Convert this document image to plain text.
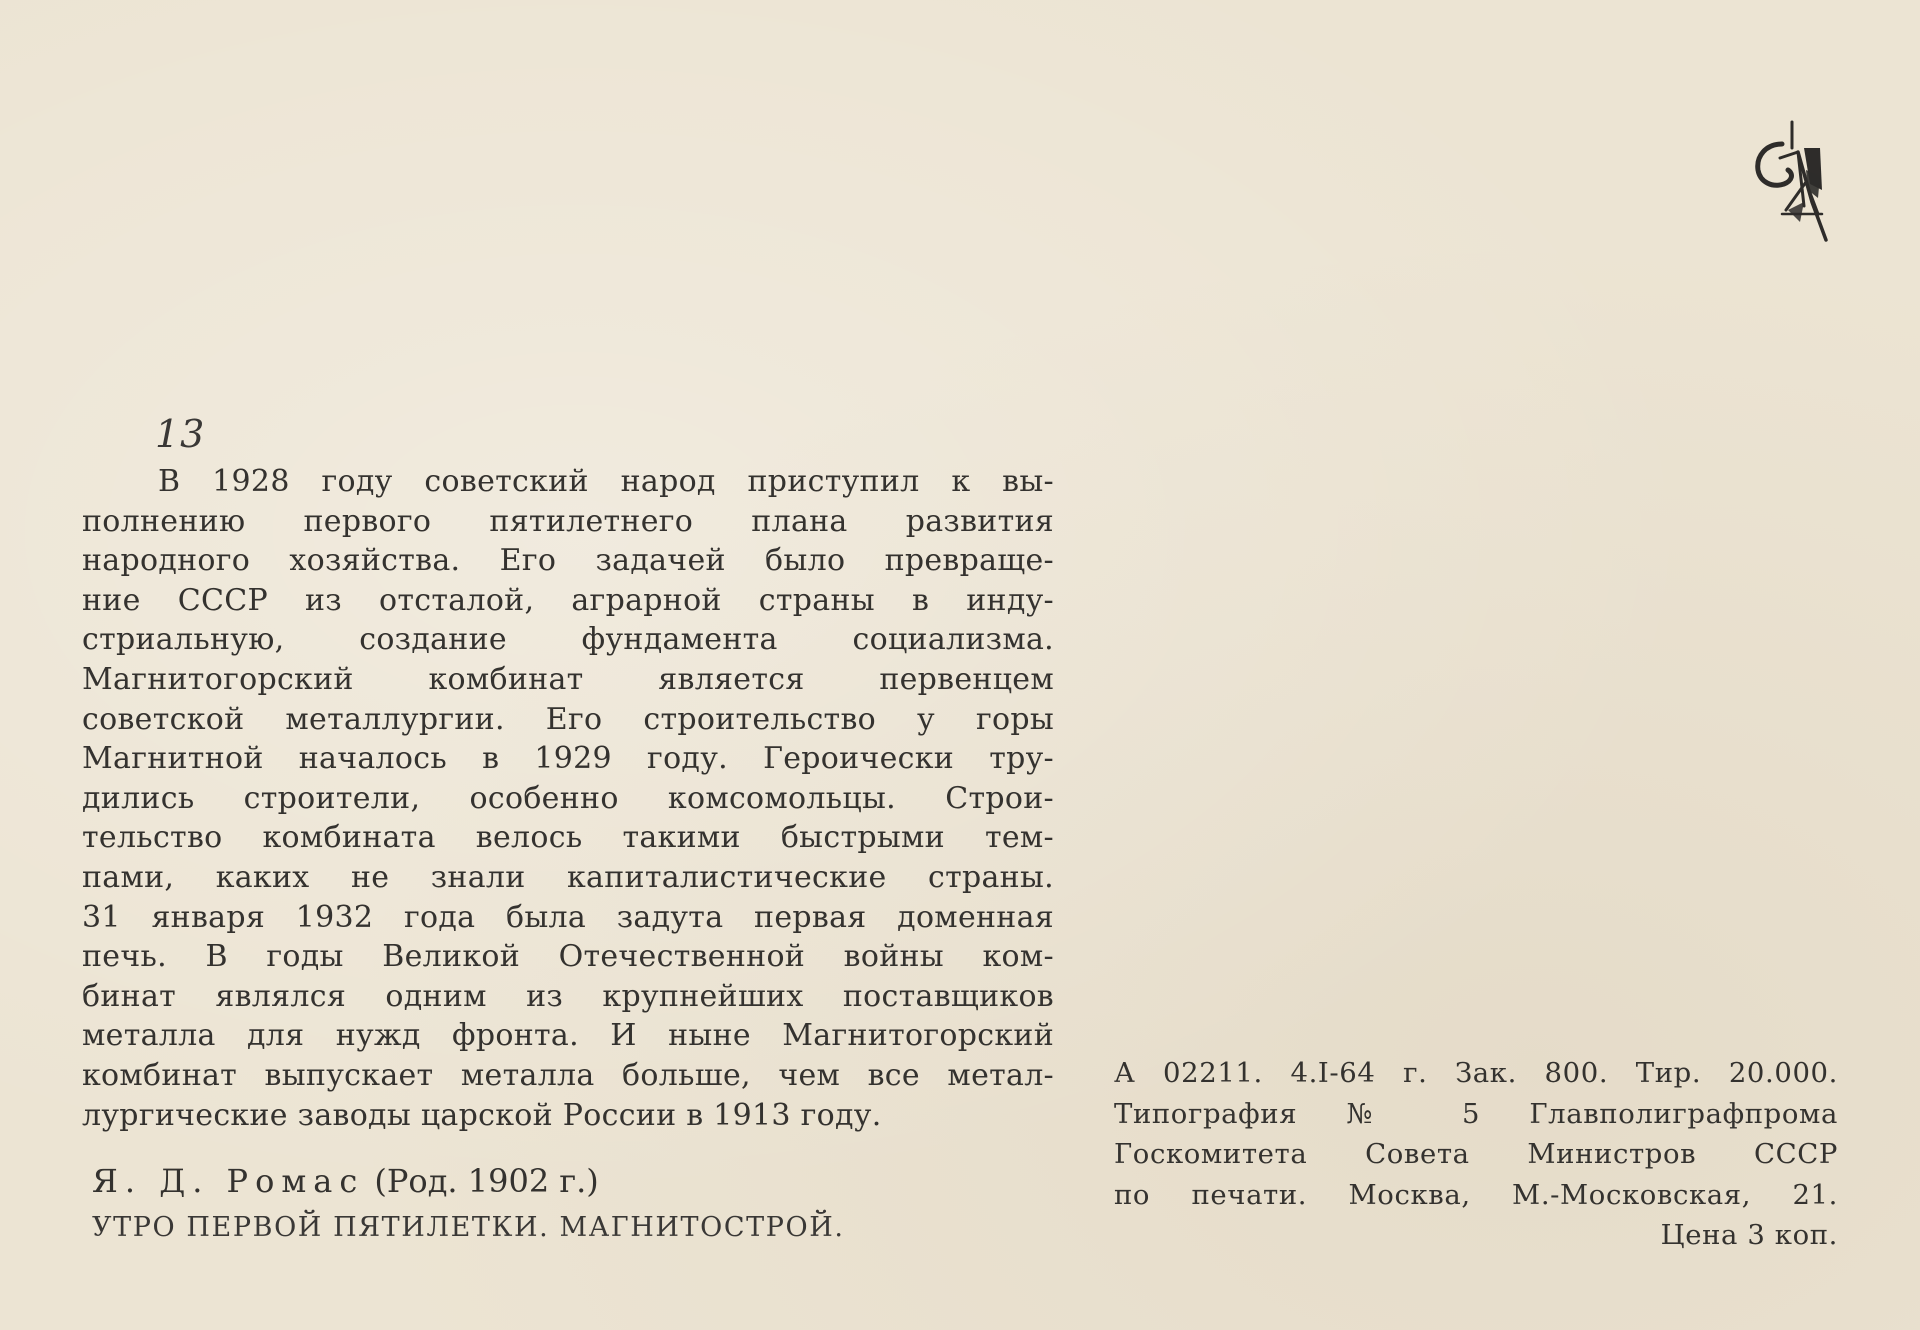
13
В 1928 году советский народ приступил к вы-
полнению первого пятилетнего плана развития
народного хозяйства. Его задачей было превраще-
ние СССР из отсталой, аграрной страны в инду-
стриальную, создание фундамента социализма.
Магнитогорский комбинат является первенцем
советской металлургии. Его строительство у горы
Магнитной началось в 1929 году. Героически тру-
дились строители, особенно комсомольцы. Строи-
тельство комбината велось такими быстрыми тем-
пами, каких не знали капиталистические страны.
31 января 1932 года была задута первая доменная
печь. В годы Великой Отечественной войны ком-
бинат являлся одним из крупнейших поставщиков
металла для нужд фронта. И ныне Магнитогорский
комбинат выпускает металла больше, чем все метал-
лургические заводы царской России в 1913 году.
Я. Д. Ромас (Род. 1902 г.)
УТРО ПЕРВОЙ ПЯТИЛЕТКИ. МАГНИТОСТРОЙ.
А 02211. 4.I-64 г. Зак. 800. Тир. 20.000.
Типография № 5 Главполиграфпрома
Госкомитета Совета Министров СССР
по печати. Москва, М.-Московская, 21.
Цена 3 коп.
